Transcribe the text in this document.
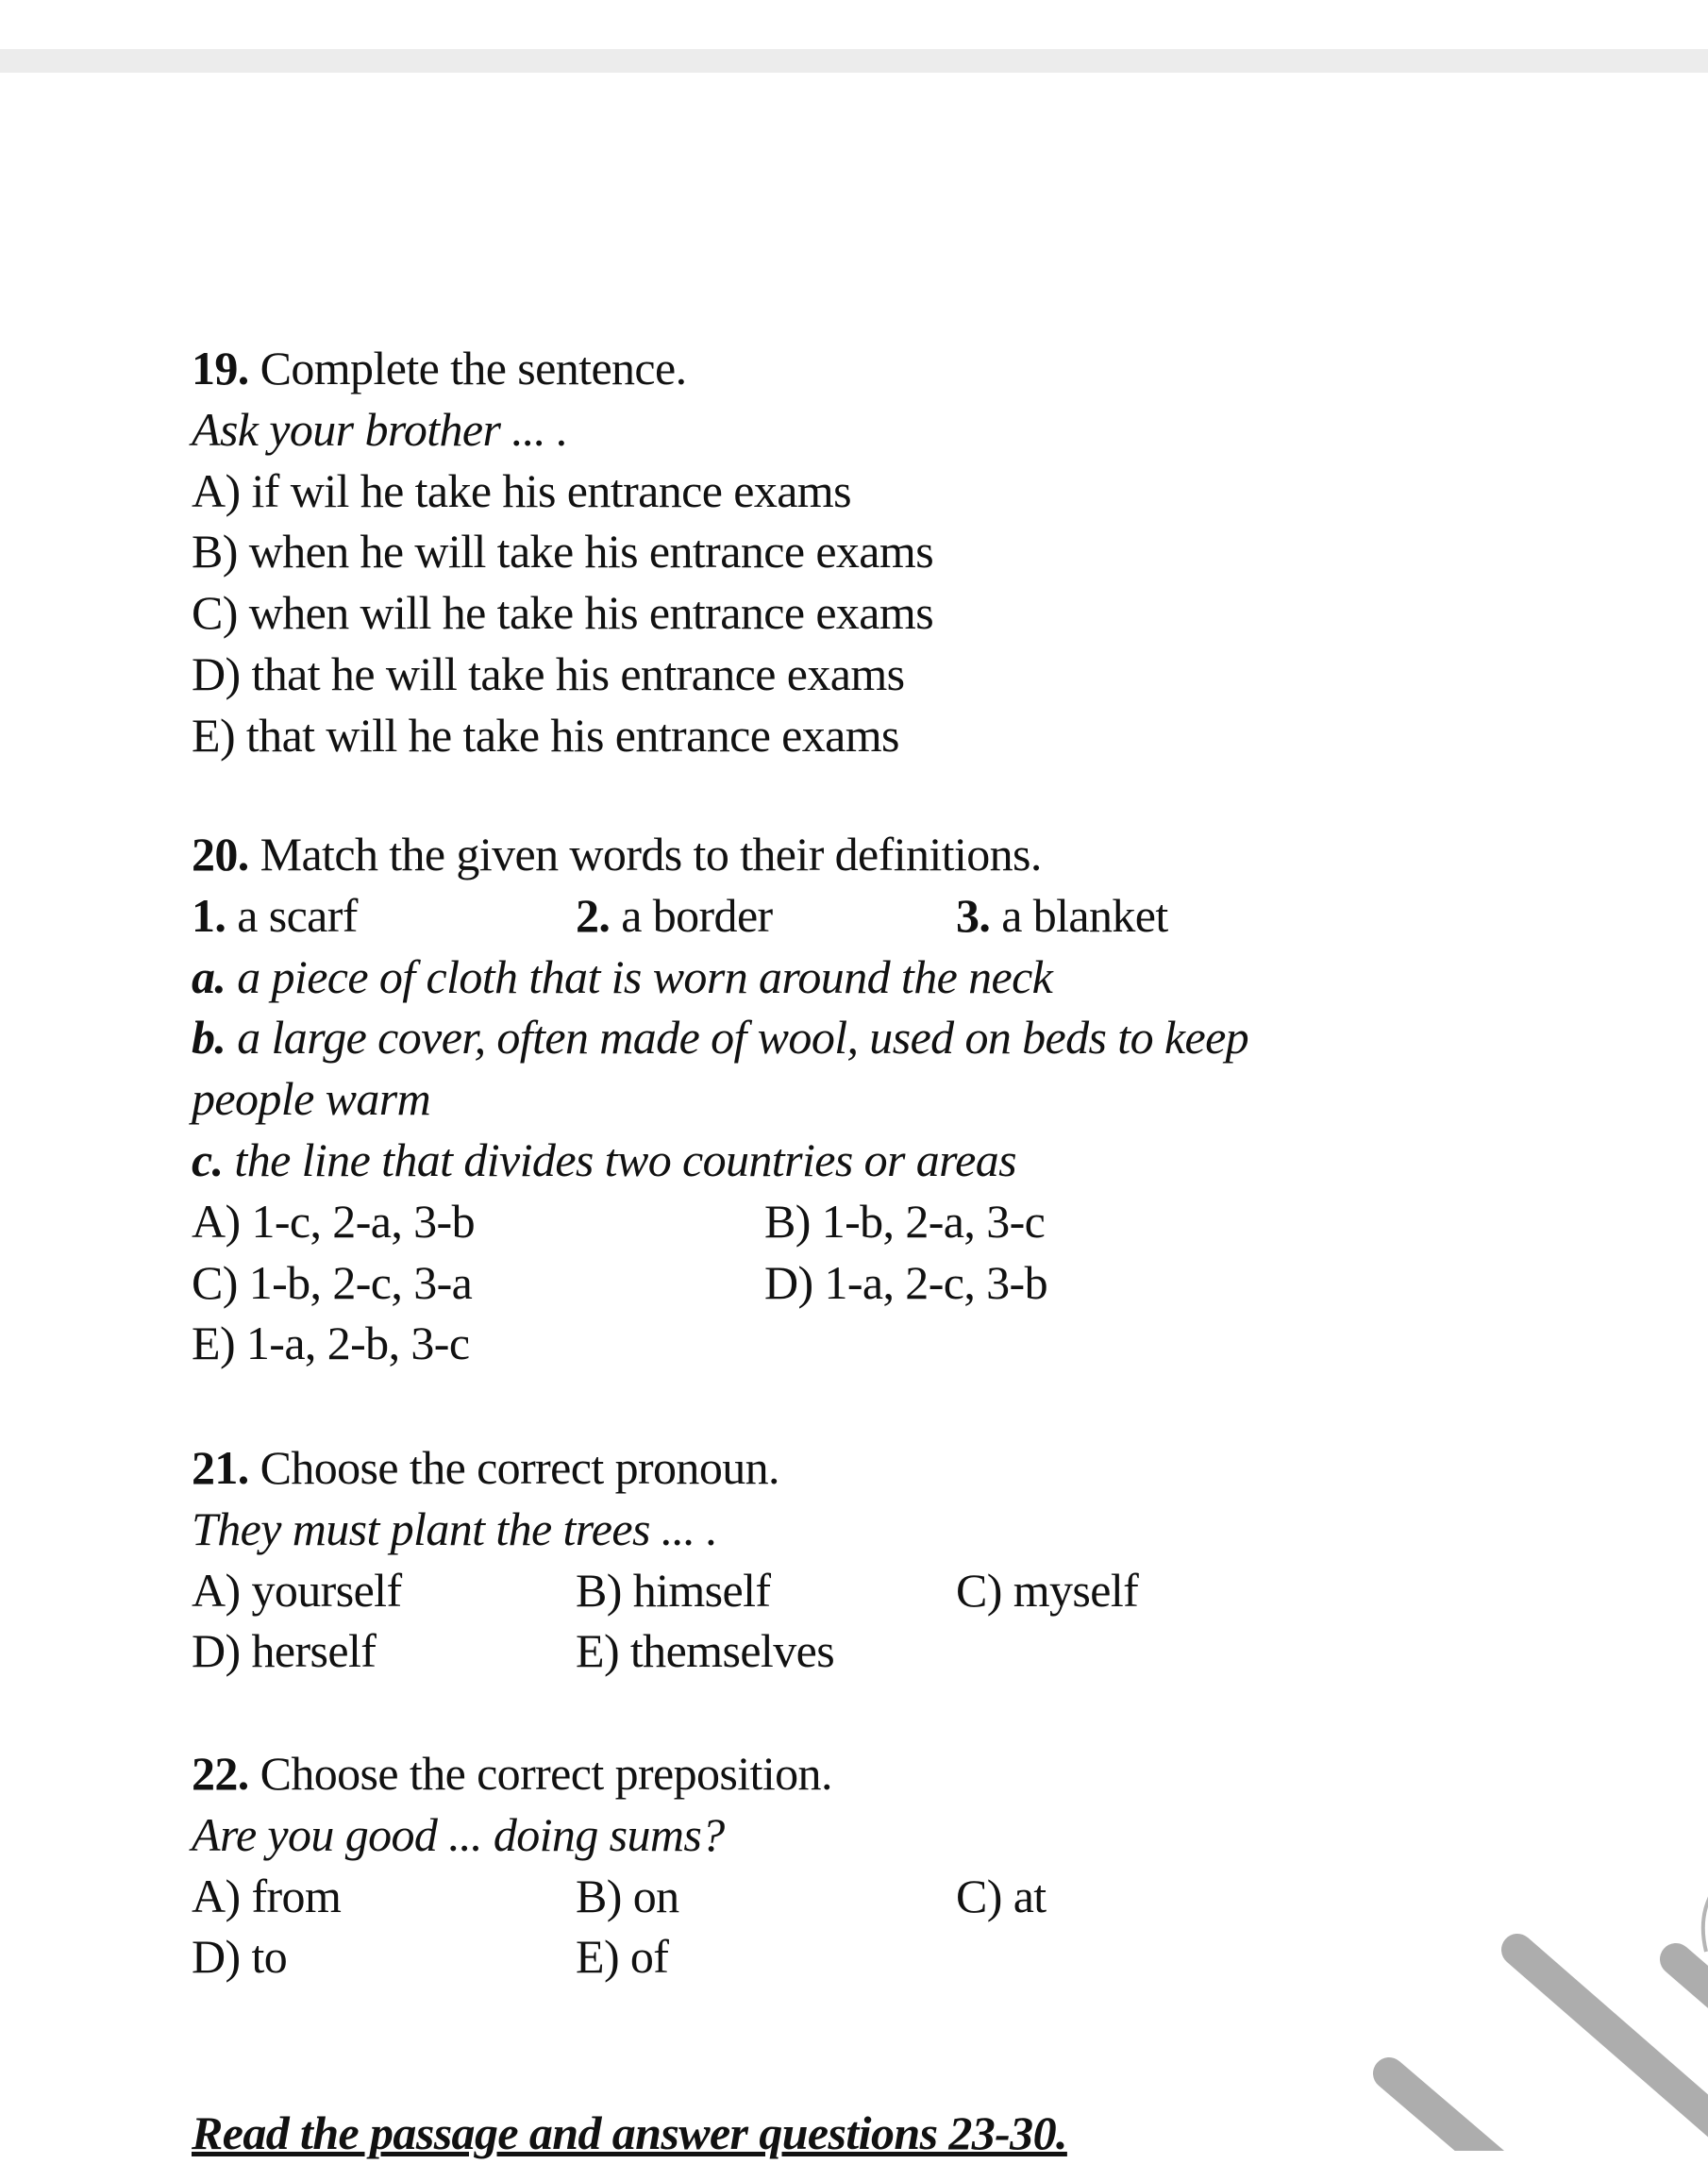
19. Complete the sentence.
Ask your brother ... .
A) if wil he take his entrance exams
B) when he will take his entrance exams
C) when will he take his entrance exams
D) that he will take his entrance exams
E) that will he take his entrance exams
20. Match the given words to their definitions.
1. a scarf	2. a border	3. a blanket
a. a piece of cloth that is worn around the neck
b. a large cover, often made of wool, used on beds to keep
people warm
c. the line that divides two countries or areas
A) 1-c, 2-a, 3-b	B) 1-b, 2-a, 3-c
C) 1-b, 2-c, 3-a	D) 1-a, 2-c, 3-b
E) 1-a, 2-b, 3-c
21. Choose the correct pronoun.
They must plant the trees ... .
A) yourself	B) himself	C) myself
D) herself	E) themselves
22. Choose the correct preposition.
Are you good ... doing sums?
A) from	B) on	C) at
D) to	E) of
Read the passage and answer questions 23-30.
